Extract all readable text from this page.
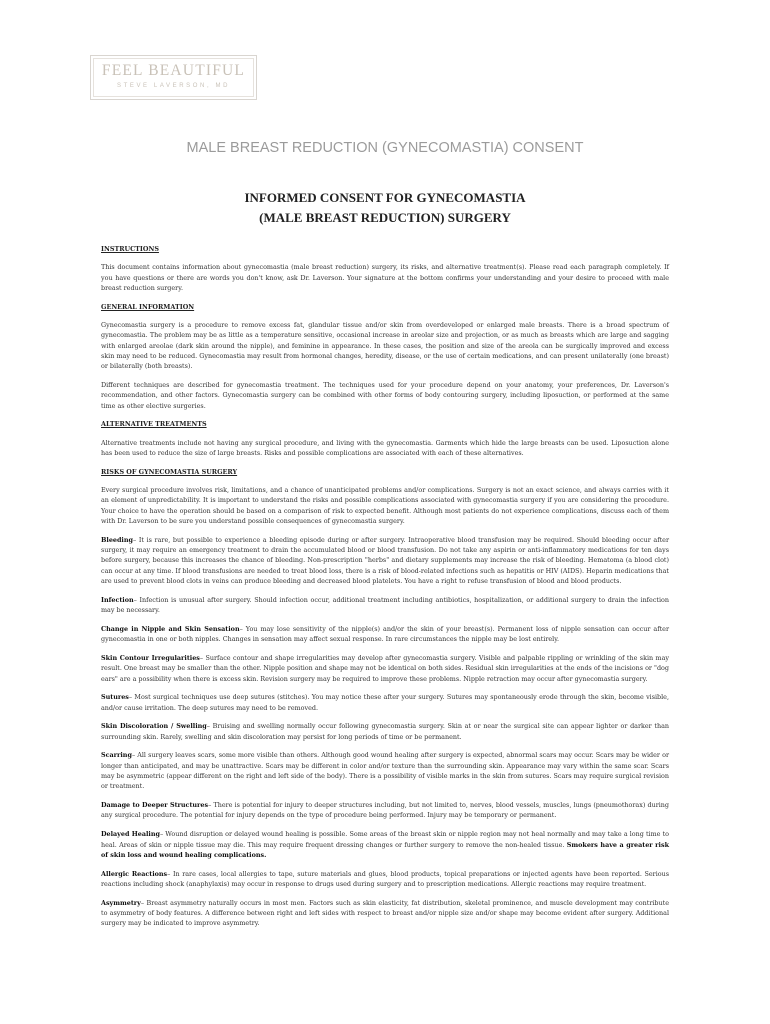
FEEL BEAUTIFUL
STEVE LAVERSON, MD
MALE BREAST REDUCTION (GYNECOMASTIA) CONSENT
INFORMED CONSENT FOR GYNECOMASTIA
(MALE BREAST REDUCTION) SURGERY
INSTRUCTIONS

This document contains information about gynecomastia (male breast reduction) surgery, its risks, and alternative treatment(s). Please read each paragraph completely. If you have questions or there are words you don't know, ask Dr. Laverson. Your signature at the bottom confirms your understanding and your desire to proceed with male breast reduction surgery.

GENERAL INFORMATION

Gynecomastia surgery is a procedure to remove excess fat, glandular tissue and/or skin from overdeveloped or enlarged male breasts. There is a broad spectrum of gynecomastia. The problem may be as little as a temperature sensitive, occasional increase in areolar size and projection, or as much as breasts which are large and sagging with enlarged areolae (dark skin around the nipple), and feminine in appearance. In these cases, the position and size of the areola can be surgically improved and excess skin may need to be reduced. Gynecomastia may result from hormonal changes, heredity, disease, or the use of certain medications, and can present unilaterally (one breast) or bilaterally (both breasts).

Different techniques are described for gynecomastia treatment. The techniques used for your procedure depend on your anatomy, your preferences, Dr. Laverson's recommendation, and other factors. Gynecomastia surgery can be combined with other forms of body contouring surgery, including liposuction, or performed at the same time as other elective surgeries.

ALTERNATIVE TREATMENTS

Alternative treatments include not having any surgical procedure, and living with the gynecomastia. Garments which hide the large breasts can be used. Liposuction alone has been used to reduce the size of large breasts. Risks and possible complications are associated with each of these alternatives.

RISKS OF GYNECOMASTIA SURGERY

Every surgical procedure involves risk, limitations, and a chance of unanticipated problems and/or complications. Surgery is not an exact science, and always carries with it an element of unpredictability. It is important to understand the risks and possible complications associated with gynecomastia surgery if you are considering the procedure. Your choice to have the operation should be based on a comparison of risk to expected benefit. Although most patients do not experience complications, discuss each of them with Dr. Laverson to be sure you understand possible consequences of gynecomastia surgery.

Bleeding– It is rare, but possible to experience a bleeding episode during or after surgery. Intraoperative blood transfusion may be required. Should bleeding occur after surgery, it may require an emergency treatment to drain the accumulated blood or blood transfusion. Do not take any aspirin or anti-inflammatory medications for ten days before surgery, because this increases the chance of bleeding. Non-prescription "herbs" and dietary supplements may increase the risk of bleeding. Hematoma (a blood clot) can occur at any time. If blood transfusions are needed to treat blood loss, there is a risk of blood-related infections such as hepatitis or HIV (AIDS). Heparin medications that are used to prevent blood clots in veins can produce bleeding and decreased blood platelets. You have a right to refuse transfusion of blood and blood products.

Infection– Infection is unusual after surgery. Should infection occur, additional treatment including antibiotics, hospitalization, or additional surgery to drain the infection may be necessary.

Change in Nipple and Skin Sensation– You may lose sensitivity of the nipple(s) and/or the skin of your breast(s). Permanent loss of nipple sensation can occur after gynecomastia in one or both nipples. Changes in sensation may affect sexual response. In rare circumstances the nipple may be lost entirely.

Skin Contour Irregularities– Surface contour and shape irregularities may develop after gynecomastia surgery. Visible and palpable rippling or wrinkling of the skin may result. One breast may be smaller than the other. Nipple position and shape may not be identical on both sides. Residual skin irregularities at the ends of the incisions or "dog ears" are a possibility when there is excess skin. Revision surgery may be required to improve these problems. Nipple retraction may occur after gynecomastia surgery.

Sutures– Most surgical techniques use deep sutures (stitches). You may notice these after your surgery. Sutures may spontaneously erode through the skin, become visible, and/or cause irritation. The deep sutures may need to be removed.

Skin Discoloration / Swelling– Bruising and swelling normally occur following gynecomastia surgery. Skin at or near the surgical site can appear lighter or darker than surrounding skin. Rarely, swelling and skin discoloration may persist for long periods of time or be permanent.

Scarring– All surgery leaves scars, some more visible than others. Although good wound healing after surgery is expected, abnormal scars may occur. Scars may be wider or longer than anticipated, and may be unattractive. Scars may be different in color and/or texture than the surrounding skin. Appearance may vary within the same scar. Scars may be asymmetric (appear different on the right and left side of the body). There is a possibility of visible marks in the skin from sutures. Scars may require surgical revision or treatment.

Damage to Deeper Structures– There is potential for injury to deeper structures including, but not limited to, nerves, blood vessels, muscles, lungs (pneumothorax) during any surgical procedure. The potential for injury depends on the type of procedure being performed. Injury may be temporary or permanent.

Delayed Healing– Wound disruption or delayed wound healing is possible. Some areas of the breast skin or nipple region may not heal normally and may take a long time to heal. Areas of skin or nipple tissue may die. This may require frequent dressing changes or further surgery to remove the non-healed tissue. Smokers have a greater risk of skin loss and wound healing complications.

Allergic Reactions– In rare cases, local allergies to tape, suture materials and glues, blood products, topical preparations or injected agents have been reported. Serious reactions including shock (anaphylaxis) may occur in response to drugs used during surgery and to prescription medications. Allergic reactions may require treatment.

Asymmetry– Breast asymmetry naturally occurs in most men. Factors such as skin elasticity, fat distribution, skeletal prominence, and muscle development may contribute to asymmetry of body features. A difference between right and left sides with respect to breast and/or nipple size and/or shape may become evident after surgery. Additional surgery may be indicated to improve asymmetry.
